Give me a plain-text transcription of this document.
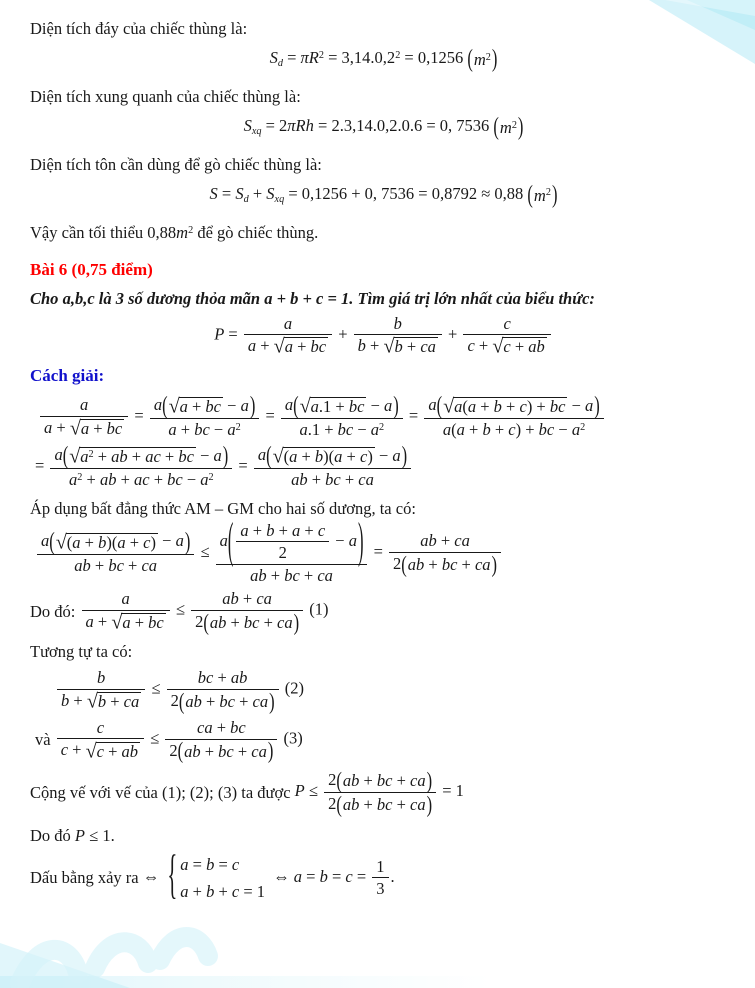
Diện tích đáy của chiếc thùng là:
$S_d = \pi R^2 = 3,14.0,2^2 = 0,1256$ ( $m^2$ )
Diện tích xung quanh của chiếc thùng là:
$S_{xq} = 2\pi Rh = 2.3,14.0,2.0.6 = 0$, 7536 ( $m^2$ )
Diện tích tôn cần dùng để gò chiếc thùng là:
$S = S_d + S_{xq} = 0,1256 + 0$, 7536 = 0,8792 ≈ 0,88 ( $m^2$ )
Vậy cần tối thiểu $0,88m^2$ để gò chiếc thùng.
Bài 6 (0,75 điểm)
Cho a,b,c là 3 số dương thỏa mãn a + b + c = 1 . Tìm giá trị lớn nhất của biểu thức:
$P = \frac{a}{a + √ a + bc} + \frac{b}{b + √ b + ca} + \frac{c}{c + √ c + ab}$
Cách giải:
$\frac{a}{a + √ a + bc} = \frac{a ( √ a + bc - a )}{a + bc - a^2} = \frac{a ( √ a.1 + bc - a )}{a.1 + bc - a^2} = \frac{a ( √ a(a + b + c) + bc - a )}{a(a + b + c) + bc - a^2}$
= $\frac{a ( √ a^2 + ab + ac + bc - a )}{a^2 + ab + ac + bc - a^2} = \frac{a ( √ (a + b)(a + c) - a )}{ab + bc + ca}$
Áp dụng bất đẳng thức AM – GM cho hai số dương, ta có:
$\frac{a ( √ (a + b)(a + c) - a )}{ab + bc + ca} \le \frac{a ( \frac{a + b + a + c}{2} - a )}{ab + bc + ca} = \frac{ab + ca}{2 ( ab + bc + ca )}$
Do đó: $\frac{a}{a + √ a + bc} \le \frac{ab + ca}{2 ( ab + bc + ca )} (1)$
Tương tự ta có:
$\frac{b}{b + √ b + ca} \le \frac{bc + ab}{2 ( ab + bc + ca )} (2)$
và $\frac{c}{c + √ c + ab} \le \frac{ca + bc}{2 ( ab + bc + ca )} (3)$
Cộng vế với vế của (1); (2); (3) ta được $P \le \frac{2 ( ab + bc + ca )}{2 ( ab + bc + ca )} = 1$
Do đó P ≤ 1.
Dấu bằng xảy ra ⇔ { a = b = c
a + b + c = 1
⇔ $a = b = c = \frac{1}{3}$ .
